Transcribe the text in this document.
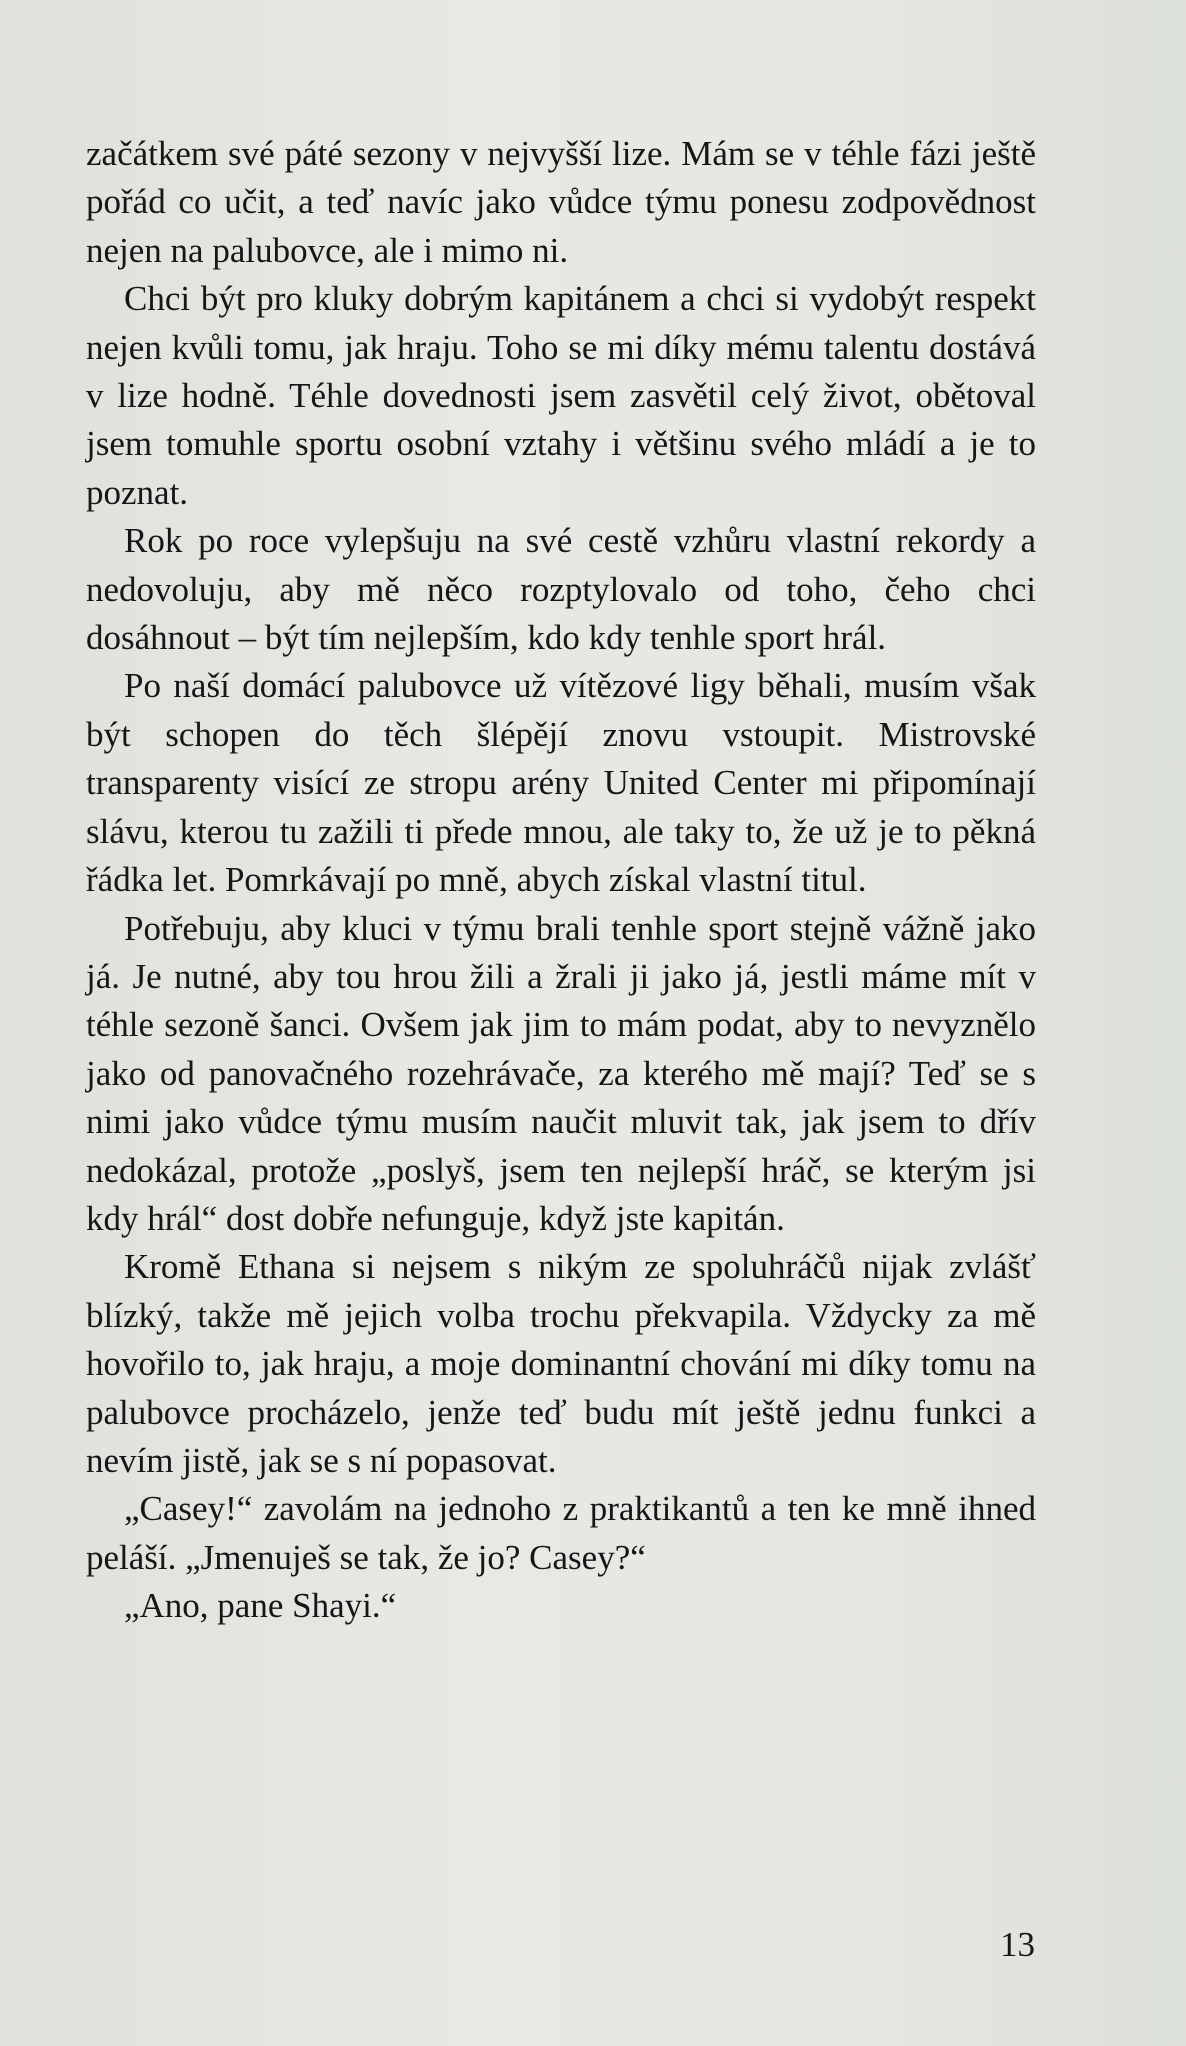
začátkem své páté sezony v nejvyšší lize. Mám se v téhle fázi ještě pořád co učit, a teď navíc jako vůdce týmu ponesu zodpovědnost nejen na palubovce, ale i mimo ni.

Chci být pro kluky dobrým kapitánem a chci si vydobýt respekt nejen kvůli tomu, jak hraju. Toho se mi díky mému talentu dostává v lize hodně. Téhle dovednosti jsem zasvětil celý život, obětoval jsem tomuhle sportu osobní vztahy i většinu svého mládí a je to poznat.

Rok po roce vylepšuju na své cestě vzhůru vlastní rekordy a nedovoluju, aby mě něco rozptylovalo od toho, čeho chci dosáhnout – být tím nejlepším, kdo kdy tenhle sport hrál.

Po naší domácí palubovce už vítězové ligy běhali, musím však být schopen do těch šlépějí znovu vstoupit. Mistrovské transparenty visící ze stropu arény United Center mi připomínají slávu, kterou tu zažili ti přede mnou, ale taky to, že už je to pěkná řádka let. Pomrkávají po mně, abych získal vlastní titul.

Potřebuju, aby kluci v týmu brali tenhle sport stejně vážně jako já. Je nutné, aby tou hrou žili a žrali ji jako já, jestli máme mít v téhle sezoně šanci. Ovšem jak jim to mám podat, aby to nevyznělo jako od panovačného rozehrávače, za kterého mě mají? Teď se s nimi jako vůdce týmu musím naučit mluvit tak, jak jsem to dřív nedokázal, protože „poslyš, jsem ten nejlepší hráč, se kterým jsi kdy hrál“ dost dobře nefunguje, když jste kapitán.

Kromě Ethana si nejsem s nikým ze spoluhráčů nijak zvlášť blízký, takže mě jejich volba trochu překvapila. Vždycky za mě hovořilo to, jak hraju, a moje dominantní chování mi díky tomu na palubovce procházelo, jenže teď budu mít ještě jednu funkci a nevím jistě, jak se s ní popasovat.

„Casey!“ zavolám na jednoho z praktikantů a ten ke mně ihned peláší. „Jmenuješ se tak, že jo? Casey?“

„Ano, pane Shayi.“

13
